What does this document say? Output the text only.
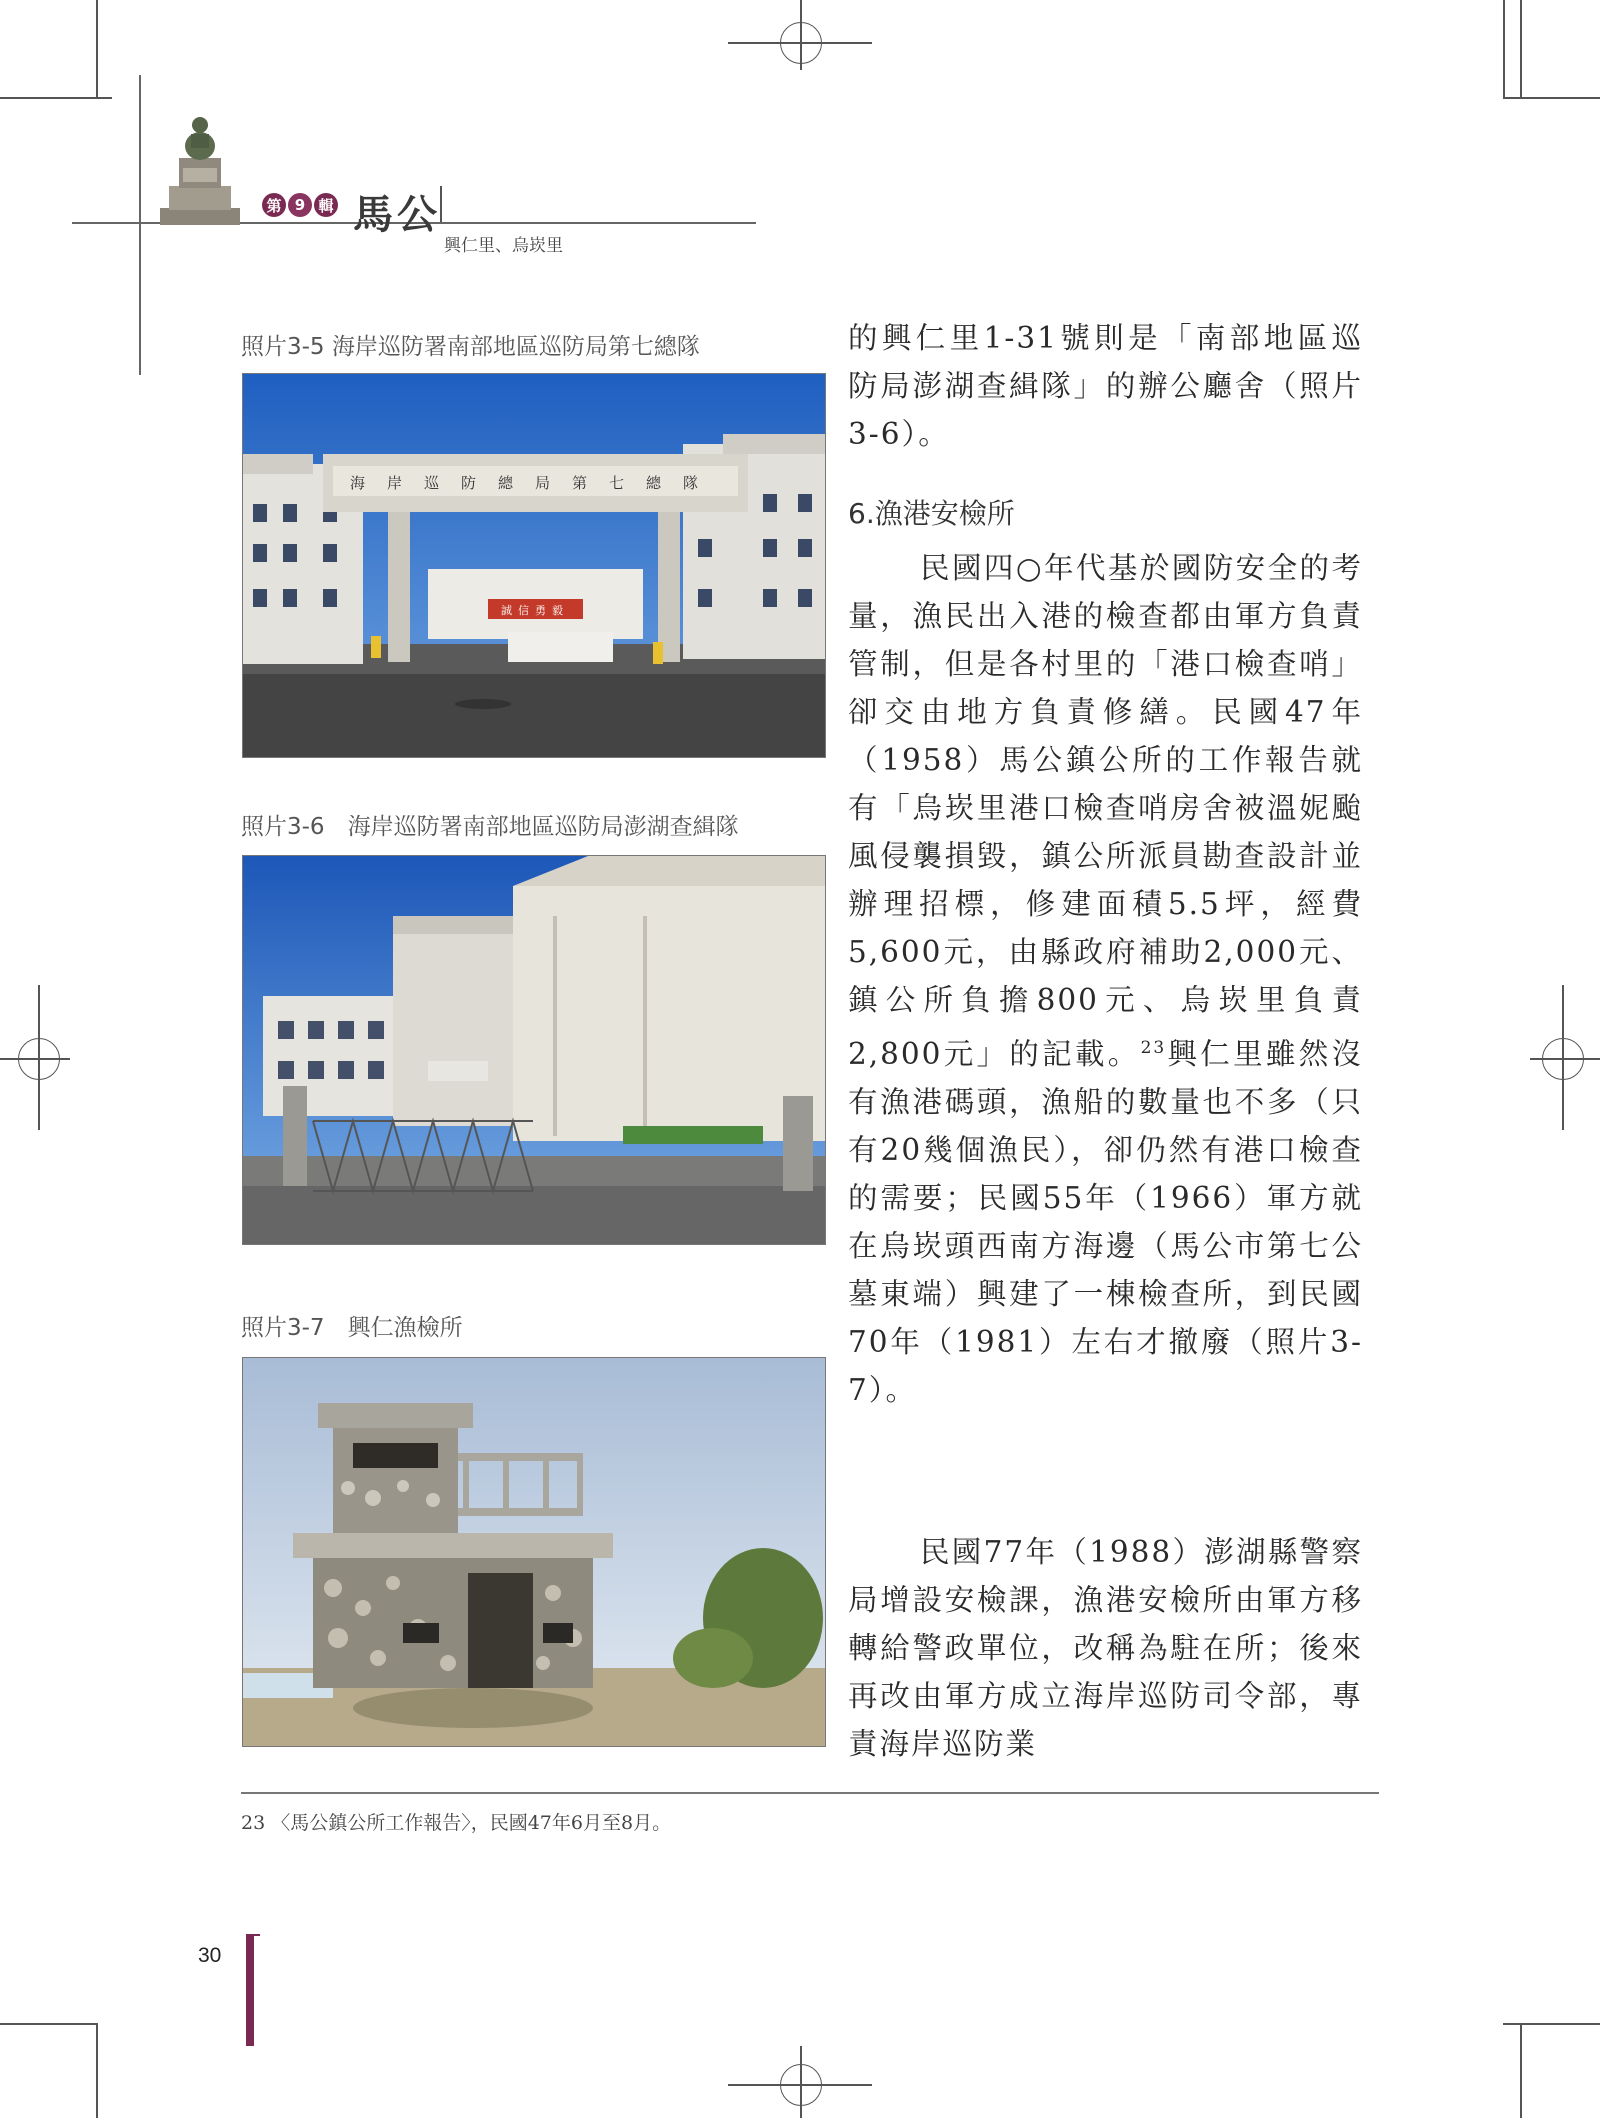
第 9 輯 馬公
興仁里、烏崁里
照片3-5 海岸巡防署南部地區巡防局第七總隊
海岸巡防總局第七總隊
誠信勇毅
照片3-6　海岸巡防署南部地區巡防局澎湖查緝隊
照片3-7　興仁漁檢所
的興仁里1-31號則是「南部地區巡防局澎湖查緝隊」的辦公廳舍（照片3-6）。
6.漁港安檢所
民國四○年代基於國防安全的考量，漁民出入港的檢查都由軍方負責管制，但是各村里的「港口檢查哨」卻交由地方負責修繕。民國47年（1958）馬公鎮公所的工作報告就有「烏崁里港口檢查哨房舍被溫妮颱風侵襲損毀，鎮公所派員勘查設計並辦理招標，修建面積5.5坪，經費5,600元，由縣政府補助2,000元、鎮公所負擔800元、烏崁里負責2,800元」的記載。$^{23}$興仁里雖然沒有漁港碼頭，漁船的數量也不多（只有20幾個漁民），卻仍然有港口檢查的需要；民國55年（1966）軍方就在烏崁頭西南方海邊（馬公市第七公墓東端）興建了一棟檢查所，到民國70年（1981）左右才撤廢（照片3-7）。
民國77年（1988）澎湖縣警察局增設安檢課，漁港安檢所由軍方移轉給警政單位，改稱為駐在所；後來再改由軍方成立海岸巡防司令部，專責海岸巡防業
23 〈馬公鎮公所工作報告〉，民國47年6月至8月。
30
